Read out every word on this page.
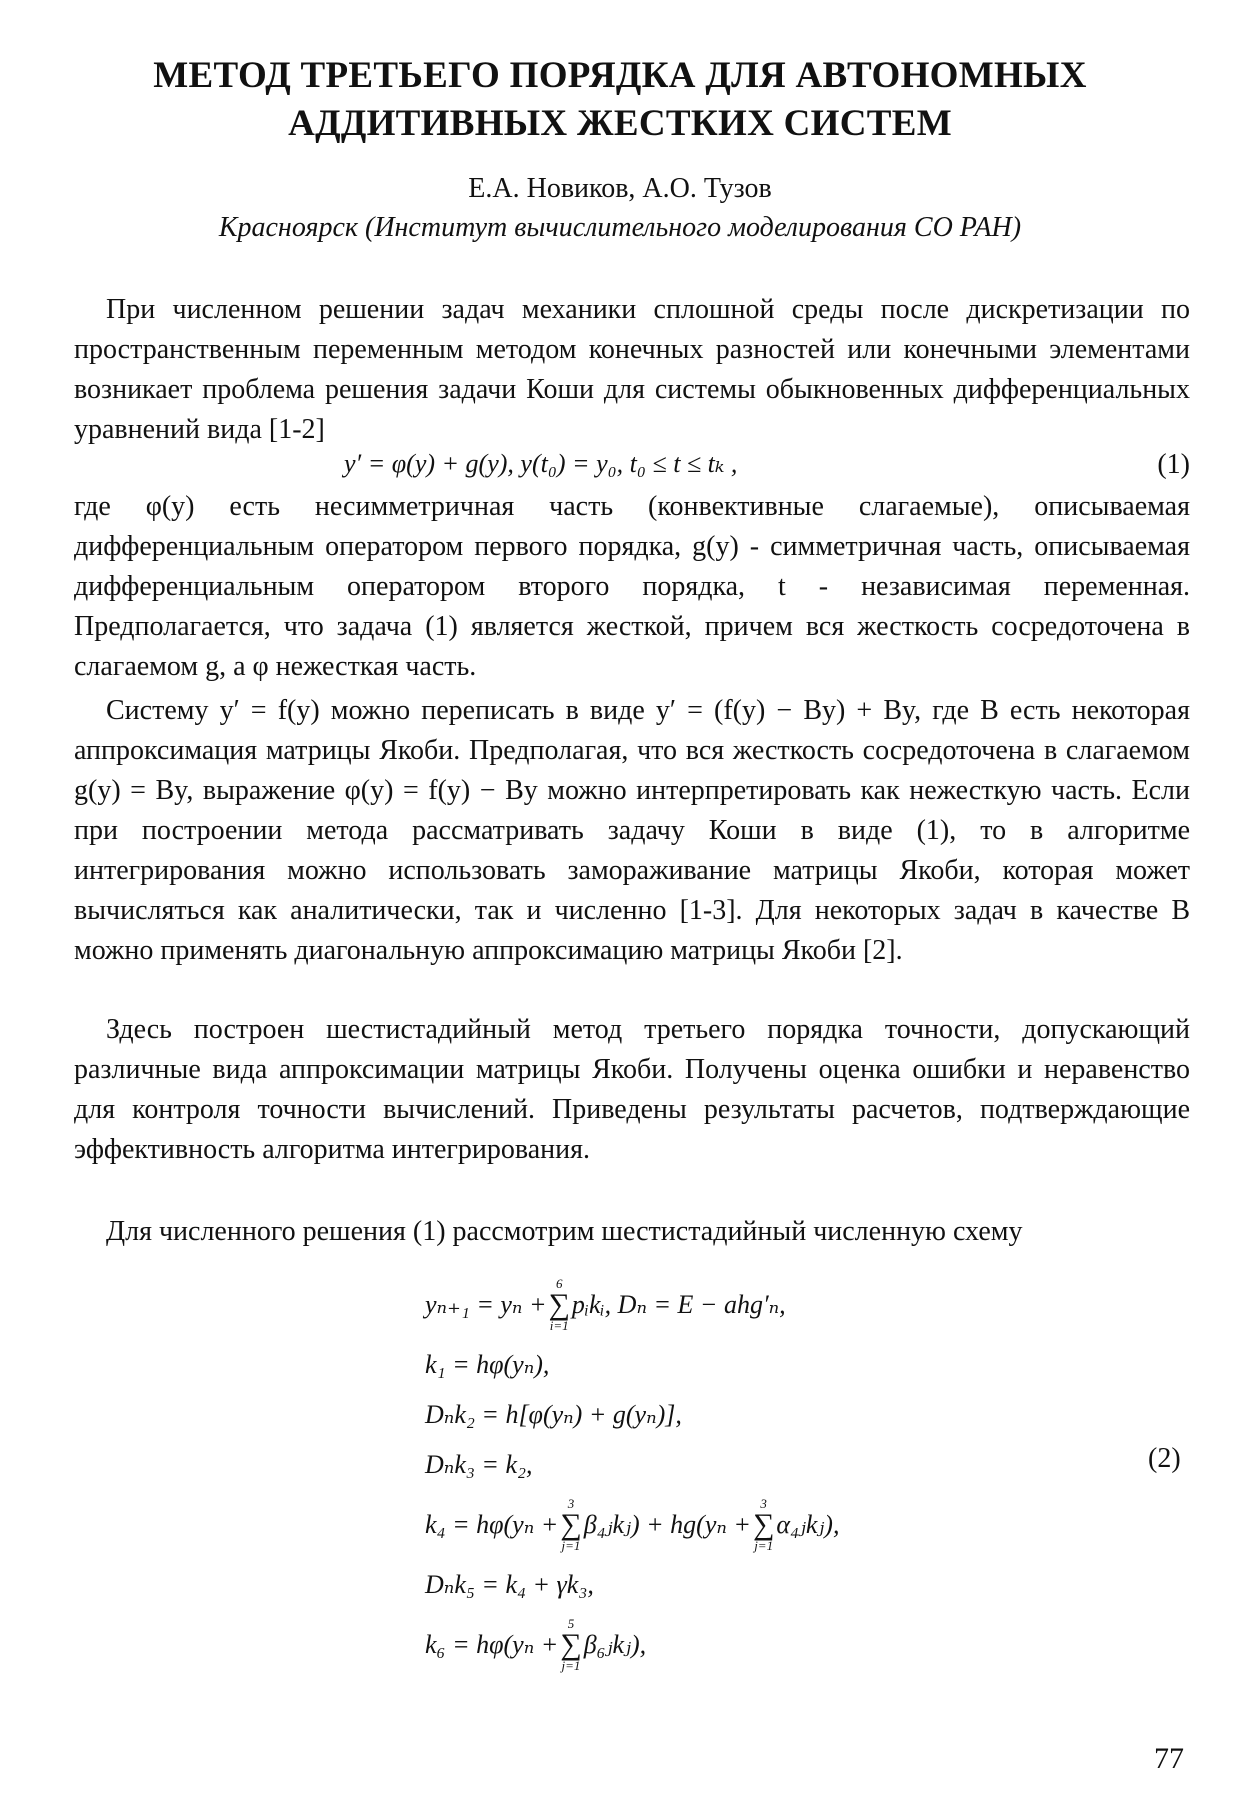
МЕТОД ТРЕТЬЕГО ПОРЯДКА ДЛЯ АВТОНОМНЫХ
АДДИТИВНЫХ ЖЕСТКИХ СИСТЕМ
Е.А. Новиков, А.О. Тузов
Красноярск (Институт вычислительного моделирования СО РАН)

При численном решении задач механики сплошной среды после дискретизации по пространственным переменным методом конечных разностей или конечными элементами возникает проблема решения задачи Коши для системы обыкновенных дифференциальных уравнений вида [1-2]

y′ = φ(y) + g(y), y(t₀) = y₀, t₀ ≤ t ≤ tₖ ,	(1)

где φ(y) есть несимметричная часть (конвективные слагаемые), описываемая дифференциальным оператором первого порядка, g(y) - симметричная часть, описываемая дифференциальным оператором второго порядка, t - независимая переменная. Предполагается, что задача (1) является жесткой, причем вся жесткость сосредоточена в слагаемом g, а φ нежесткая часть.

Систему y′ = f(y) можно переписать в виде y′ = (f(y) − By) + By, где B есть некоторая аппроксимация матрицы Якоби. Предполагая, что вся жесткость сосредоточена в слагаемом g(y) = By, выражение φ(y) = f(y) − By можно интерпретировать как нежесткую часть. Если при построении метода рассматривать задачу Коши в виде (1), то в алгоритме интегрирования можно использовать замораживание матрицы Якоби, которая может вычисляться как аналитически, так и численно [1-3]. Для некоторых задач в качестве B можно применять диагональную аппроксимацию матрицы Якоби [2].

Здесь построен шестистадийный метод третьего порядка точности, допускающий различные вида аппроксимации матрицы Якоби. Получены оценка ошибки и неравенство для контроля точности вычислений. Приведены результаты расчетов, подтверждающие эффективность алгоритма интегрирования.

Для численного решения (1) рассмотрим шестистадийный численную схему

yₙ₊₁ = yₙ +
6
∑
i=1
pᵢkᵢ, Dₙ = E − ahg′ₙ,
k₁ = hφ(yₙ),
Dₙk₂ = h[φ(yₙ) + g(yₙ)],
Dₙk₃ = k₂,
k₄ = hφ(yₙ +
3
∑
j=1
β₄ⱼkⱼ) + hg(yₙ +
3
∑
j=1
α₄ⱼkⱼ),
Dₙk₅ = k₄ + γk₃,
k₆ = hφ(yₙ +
5
∑
j=1
β₆ⱼkⱼ),
(2)
77
